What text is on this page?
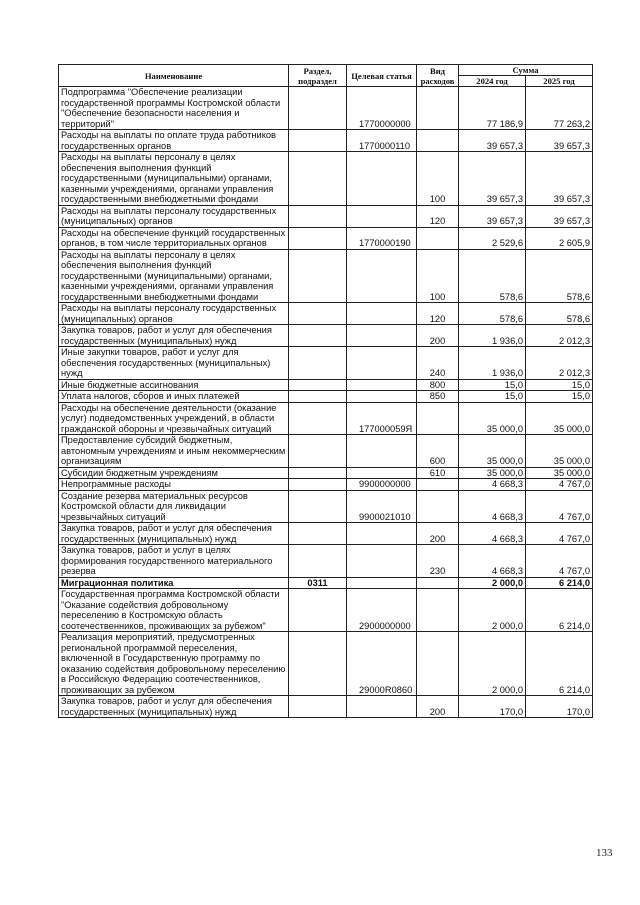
Наименование	Раздел, подраздел	Целевая статья	Вид расходов	Сумма	
				2024 год	2025 год
Подпрограмма "Обеспечение реализации государственной программы Костромской области "Обеспечение безопасности населения и территорий"		1770000000		77 186,9	77 263,2
Расходы на выплаты по оплате труда работников государственных органов		1770000110		39 657,3	39 657,3
Расходы на выплаты персоналу в целях обеспечения выполнения функций государственными (муниципальными) органами, казенными учреждениями, органами управления государственными внебюджетными фондами			100	39 657,3	39 657,3
Расходы на выплаты персоналу государственных (муниципальных) органов			120	39 657,3	39 657,3
Расходы на обеспечение функций государственных органов, в том числе территориальных органов		1770000190		2 529,6	2 605,9
Расходы на выплаты персоналу в целях обеспечения выполнения функций государственными (муниципальными) органами, казенными учреждениями, органами управления государственными внебюджетными фондами			100	578,6	578,6
Расходы на выплаты персоналу государственных (муниципальных) органов			120	578,6	578,6
Закупка товаров, работ и услуг для обеспечения государственных (муниципальных) нужд			200	1 936,0	2 012,3
Иные закупки товаров, работ и услуг для обеспечения государственных (муниципальных) нужд			240	1 936,0	2 012,3
Иные бюджетные ассигнования			800	15,0	15,0
Уплата налогов, сборов и иных платежей			850	15,0	15,0
Расходы на обеспечение деятельности (оказание услуг) подведомственных учреждений, в области гражданской обороны и чрезвычайных ситуаций		177000059Я		35 000,0	35 000,0
Предоставление субсидий бюджетным, автономным учреждениям и иным некоммерческим организациям			600	35 000,0	35 000,0
Субсидии бюджетным учреждениям			610	35 000,0	35 000,0
Непрограммные расходы		9900000000		4 668,3	4 767,0
Создание резерва материальных ресурсов Костромской области для ликвидации чрезвычайных ситуаций		9900021010		4 668,3	4 767,0
Закупка товаров, работ и услуг для обеспечения государственных (муниципальных) нужд			200	4 668,3	4 767,0
Закупка товаров, работ и услуг в целях формирования государственного материального резерва			230	4 668,3	4 767,0
Миграционная политика	0311			2 000,0	6 214,0
Государственная программа Костромской области "Оказание содействия добровольному переселению в Костромскую область соотечественников, проживающих за рубежом"		2900000000		2 000,0	6 214,0
Реализация мероприятий, предусмотренных региональной программой переселения, включенной в Государственную программу по оказанию содействия добровольному переселению в Российскую Федерацию соотечественников, проживающих за рубежом		29000R0860		2 000,0	6 214,0
Закупка товаров, работ и услуг для обеспечения государственных (муниципальных) нужд			200	170,0	170,0
133
